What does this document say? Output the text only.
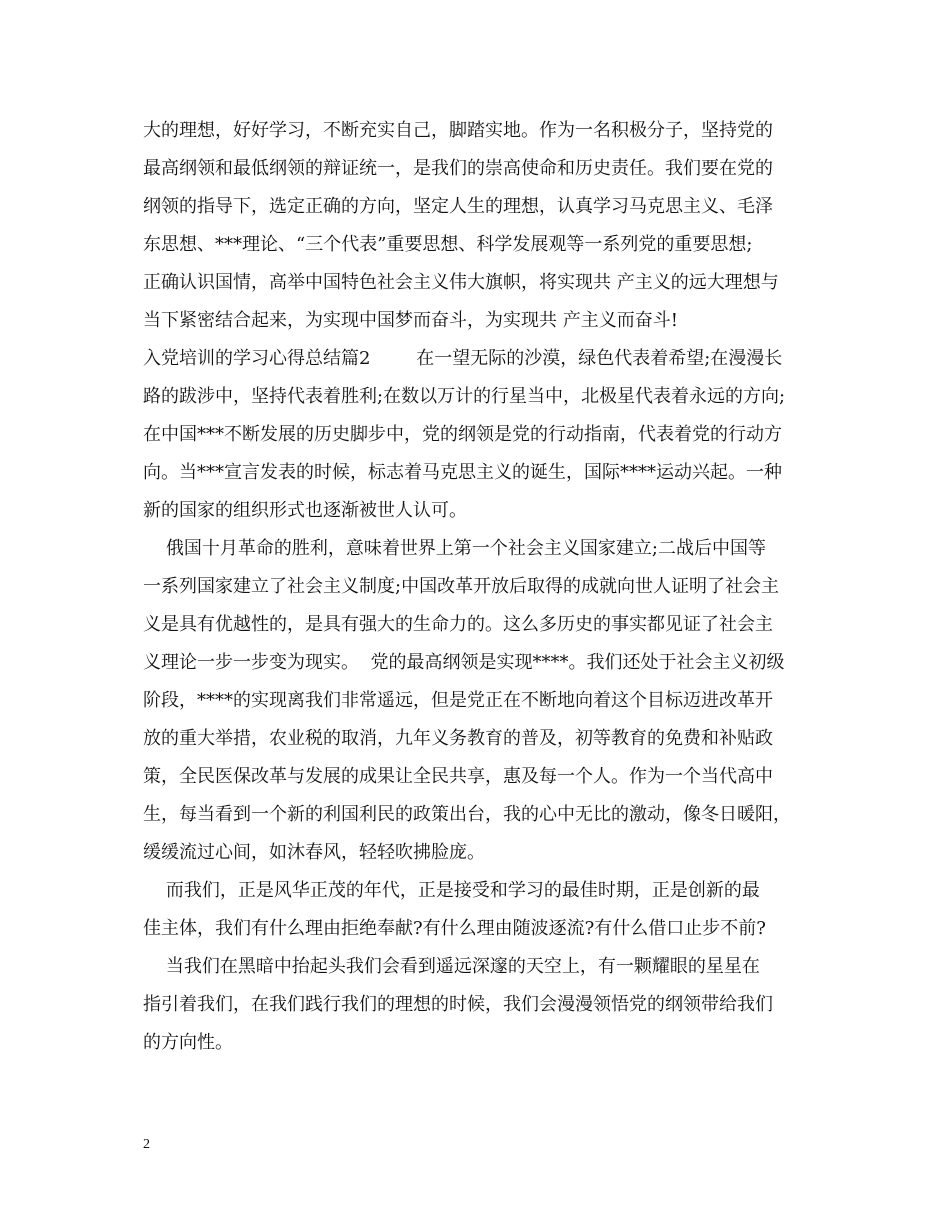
大的理想，好好学习，不断充实自己，脚踏实地。作为一名积极分子，坚持党的
最高纲领和最低纲领的辩证统一，是我们的崇高使命和历史责任。我们要在党的
纲领的指导下，选定正确的方向，坚定人生的理想，认真学习马克思主义、毛泽
东思想、***理论、“三个代表”重要思想、科学发展观等一系列党的重要思想;
正确认识国情，高举中国特色社会主义伟大旗帜，将实现共 产主义的远大理想与
当下紧密结合起来，为实现中国梦而奋斗，为实现共 产主义而奋斗!
入党培训的学习心得总结篇2        在一望无际的沙漠，绿色代表着希望;在漫漫长
路的跋涉中，坚持代表着胜利;在数以万计的行星当中，北极星代表着永远的方向;
在中国***不断发展的历史脚步中，党的纲领是党的行动指南，代表着党的行动方
向。当***宣言发表的时候，标志着马克思主义的诞生，国际****运动兴起。一种
新的国家的组织形式也逐渐被世人认可。
俄国十月革命的胜利，意味着世界上第一个社会主义国家建立;二战后中国等
一系列国家建立了社会主义制度;中国改革开放后取得的成就向世人证明了社会主
义是具有优越性的，是具有强大的生命力的。这么多历史的事实都见证了社会主
义理论一步一步变为现实。  党的最高纲领是实现****。我们还处于社会主义初级
阶段，****的实现离我们非常遥远，但是党正在不断地向着这个目标迈进改革开
放的重大举措，农业税的取消，九年义务教育的普及，初等教育的免费和补贴政
策，全民医保改革与发展的成果让全民共享，惠及每一个人。作为一个当代高中
生，每当看到一个新的利国利民的政策出台，我的心中无比的激动，像冬日暖阳，
缓缓流过心间，如沐春风，轻轻吹拂脸庞。
而我们，正是风华正茂的年代，正是接受和学习的最佳时期，正是创新的最
佳主体，我们有什么理由拒绝奉献?有什么理由随波逐流?有什么借口止步不前?
当我们在黑暗中抬起头我们会看到遥远深邃的天空上，有一颗耀眼的星星在
指引着我们，在我们践行我们的理想的时候，我们会漫漫领悟党的纲领带给我们
的方向性。
2
